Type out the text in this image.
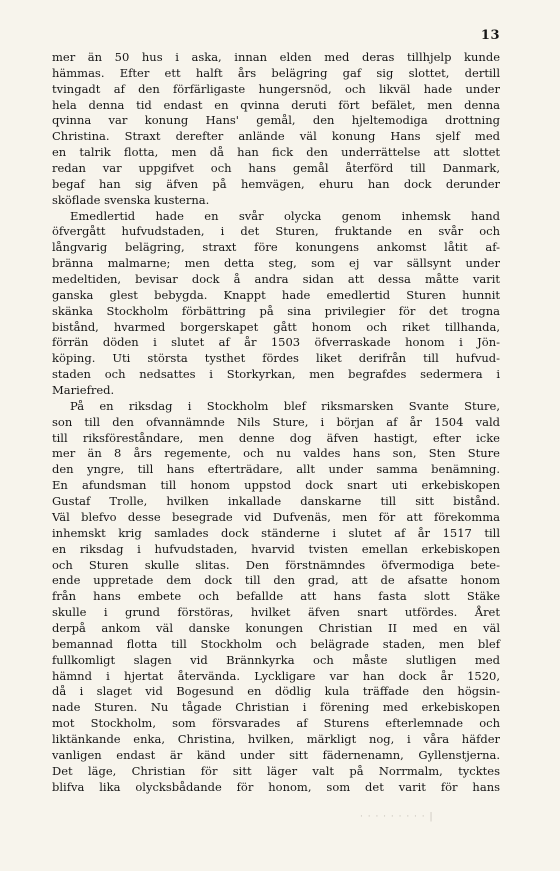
13
mer än 50 hus i aska, innan elden med deras tillhjelp kunde
hämmas. Efter ett halft års belägring gaf sig slottet, dertill
tvingadt af den förfärligaste hungersnöd, och likväl hade under
hela denna tid endast en qvinna deruti fört befälet, men denna
qvinna var konung Hans' gemål, den hjeltemodiga drottning
Christina. Straxt derefter anlände väl konung Hans sjelf med
en talrik flotta, men då han fick den underrättelse att slottet
redan var uppgifvet och hans gemål återförd till Danmark,
begaf han sig äfven på hemvägen, ehuru han dock derunder
sköflade svenska kusterna.
Emedlertid hade en svår olycka genom inhemsk hand
öfvergått hufvudstaden, i det Sturen, fruktande en svår och
långvarig belägring, straxt före konungens ankomst låtit af-
bränna malmarne; men detta steg, som ej var sällsynt under
medeltiden, bevisar dock å andra sidan att dessa måtte varit
ganska glest bebygda. Knappt hade emedlertid Sturen hunnit
skänka Stockholm förbättring på sina privilegier för det trogna
bistånd, hvarmed borgerskapet gått honom och riket tillhanda,
förrän döden i slutet af år 1503 öfverraskade honom i Jön-
köping. Uti största tysthet fördes liket derifrån till hufvud-
staden och nedsattes i Storkyrkan, men begrafdes sedermera i
Mariefred.
På en riksdag i Stockholm blef riksmarsken Svante Sture,
son till den ofvannämnde Nils Sture, i början af år 1504 vald
till riksföreståndare, men denne dog äfven hastigt, efter icke
mer än 8 års regemente, och nu valdes hans son, Sten Sture
den yngre, till hans efterträdare, allt under samma benämning.
En afundsman till honom uppstod dock snart uti erkebiskopen
Gustaf Trolle, hvilken inkallade danskarne till sitt bistånd.
Väl blefvo desse besegrade vid Dufvenäs, men för att förekomma
inhemskt krig samlades dock ständerne i slutet af år 1517 till
en riksdag i hufvudstaden, hvarvid tvisten emellan erkebiskopen
och Sturen skulle slitas. Den förstnämndes öfvermodiga bete-
ende uppretade dem dock till den grad, att de afsatte honom
från hans embete och befallde att hans fasta slott Stäke
skulle i grund förstöras, hvilket äfven snart utfördes. Året
derpå ankom väl danske konungen Christian II med en väl
bemannad flotta till Stockholm och belägrade staden, men blef
fullkomligt slagen vid Brännkyrka och måste slutligen med
hämnd i hjertat återvända. Lyckligare var han dock år 1520,
då i slaget vid Bogesund en dödlig kula träffade den högsin-
nade Sturen. Nu tågade Christian i förening med erkebiskopen
mot Stockholm, som försvarades af Sturens efterlemnade och
liktänkande enka, Christina, hvilken, märkligt nog, i våra häfder
vanligen endast är känd under sitt fädernenamn, Gyllenstjerna.
Det läge, Christian för sitt läger valt på Norrmalm, tycktes
blifva lika olycksbådande för honom, som det varit för hans
· · · · · · · · · |
